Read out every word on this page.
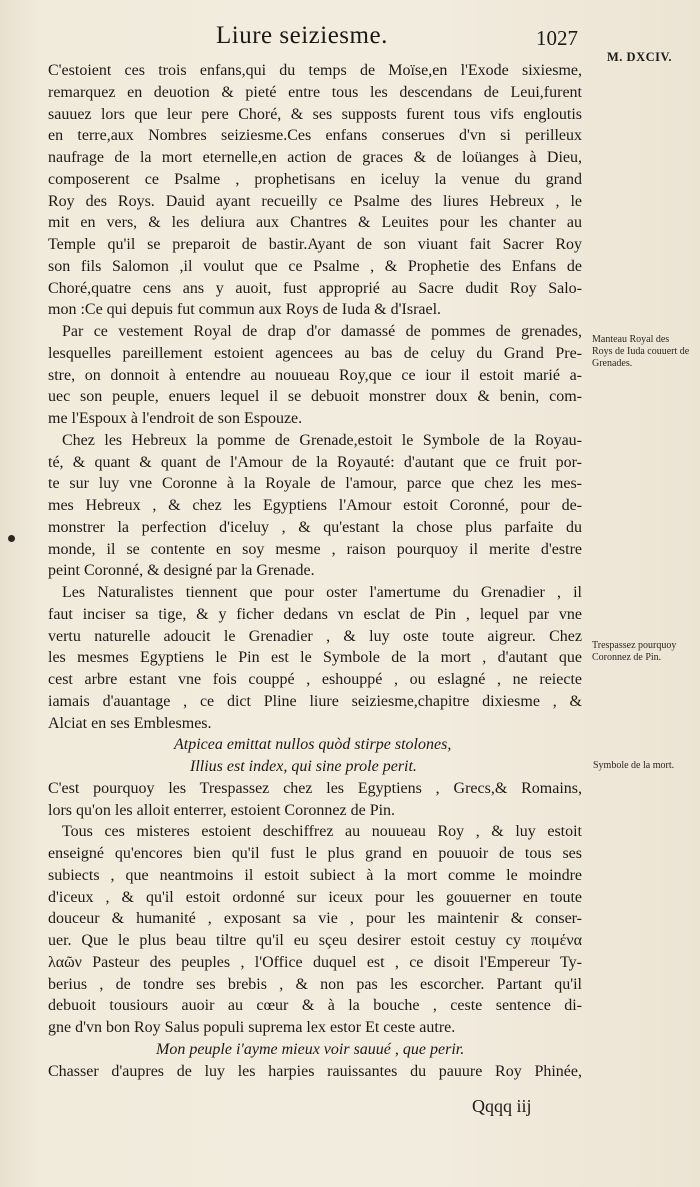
Liure seiziesme.	1027
M. DXCIV.
C'estoient ces trois enfans,qui du temps de Moïse,en l'Exode sixiesme,
remarquez en deuotion & pieté entre tous les descendans de Leui,furent
sauuez lors que leur pere Choré, & ses supposts furent tous vifs engloutis
en terre,aux Nombres seiziesme.Ces enfans conserues d'vn si perilleux
naufrage de la mort eternelle,en action de graces & de loüanges à Dieu,
composerent ce Psalme , prophetisans en iceluy la venue du grand
Roy des Roys. Dauid ayant recueilly ce Psalme des liures Hebreux , le
mit en vers, & les deliura aux Chantres & Leuites pour les chanter au
Temple qu'il se preparoit de bastir.Ayant de son viuant fait Sacrer Roy
son fils Salomon ,il voulut que ce Psalme , & Prophetie des Enfans de
Choré,quatre cens ans y auoit, fust approprié au Sacre dudit Roy Salo-
mon :Ce qui depuis fut commun aux Roys de Iuda & d'Israel.
Par ce vestement Royal de drap d'or damassé de pommes de grenades,
lesquelles pareillement estoient agencees au bas de celuy du Grand Pre-
stre, on donnoit à entendre au nouueau Roy,que ce iour il estoit marié a-
uec son peuple, enuers lequel il se debuoit monstrer doux & benin, com-
me l'Espoux à l'endroit de son Espouze.
Chez les Hebreux la pomme de Grenade,estoit le Symbole de la Royau-
té, & quant & quant de l'Amour de la Royauté: d'autant que ce fruit por-
te sur luy vne Coronne à la Royale de l'amour, parce que chez les mes-
mes Hebreux , & chez les Egyptiens l'Amour estoit Coronné, pour de-
monstrer la perfection d'iceluy , & qu'estant la chose plus parfaite du
monde, il se contente en soy mesme , raison pourquoy il merite d'estre
peint Coronné, & designé par la Grenade.
Les Naturalistes tiennent que pour oster l'amertume du Grenadier , il
faut inciser sa tige, & y ficher dedans vn esclat de Pin , lequel par vne
vertu naturelle adoucit le Grenadier , & luy oste toute aigreur. Chez
les mesmes Egyptiens le Pin est le Symbole de la mort , d'autant que
cest arbre estant vne fois couppé , eshouppé , ou eslagné , ne reiecte
iamais d'auantage , ce dict Pline liure seiziesme,chapitre dixiesme , &
Alciat en ses Emblesmes.
Atpicea emittat nullos quòd stirpe stolones,
Illius est index, qui sine prole perit.
C'est pourquoy les Trespassez chez les Egyptiens , Grecs,& Romains,
lors qu'on les alloit enterrer, estoient Coronnez de Pin.
Tous ces misteres estoient deschiffrez au nouueau Roy , & luy estoit
enseigné qu'encores bien qu'il fust le plus grand en pouuoir de tous ses
subiects , que neantmoins il estoit subiect à la mort comme le moindre
d'iceux , & qu'il estoit ordonné sur iceux pour les gouuerner en toute
douceur & humanité , exposant sa vie , pour les maintenir & conser-
uer. Que le plus beau tiltre qu'il eu sçeu desirer estoit cestuy cy ποιμένα
λαῶν Pasteur des peuples , l'Office duquel est , ce disoit l'Empereur Ty-
berius , de tondre ses brebis , & non pas les escorcher. Partant qu'il
debuoit tousiours auoir au cœur & à la bouche , ceste sentence di-
gne d'vn bon Roy Salus populi suprema lex estor Et ceste autre.
Mon peuple i'ayme mieux voir sauué , que perir.
Chasser d'aupres de luy les harpies rauissantes du pauure Roy Phinée,
Qqqq iij
Manteau Royal des Roys de Iuda couuert de Grenades.
Trespassez pourquoy Coronnez de Pin.
Symbole de la mort.
